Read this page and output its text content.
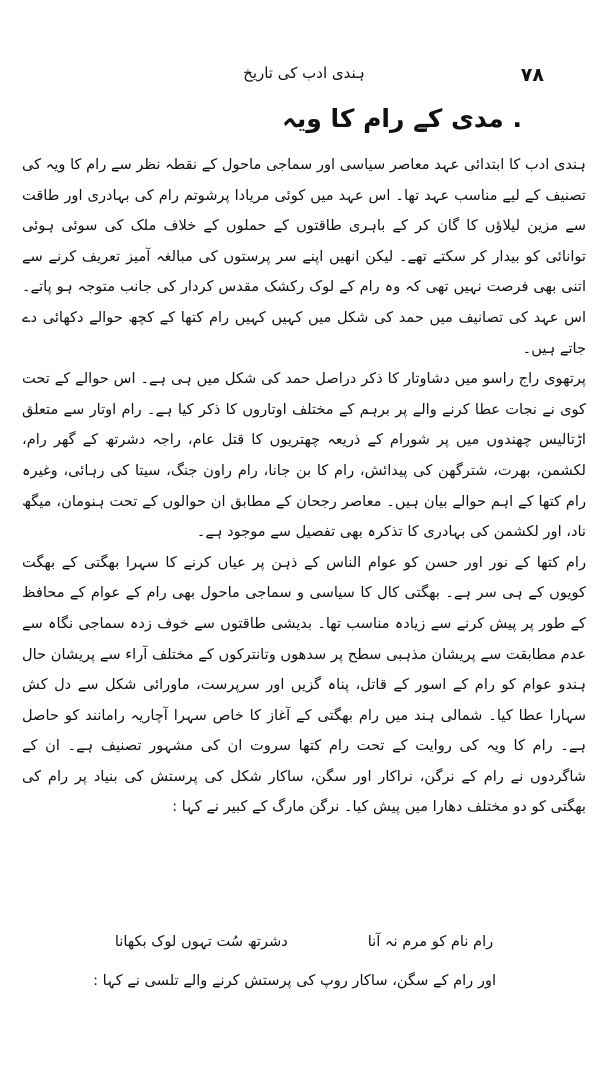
۷۸
ہندی ادب کی تاریخ
. مدی کے رام کا ویہ

ہندی ادب کا ابتدائی عہد معاصر سیاسی اور سماجی ماحول کے نقطہ نظر سے رام کا ویہ کی تصنیف کے لیے مناسب عہد تھا۔ اس عہد میں کوئی مریادا پرشوتم رام کی بہادری اور طاقت سے مزین لیلاؤں کا گان کر کے باہری طاقتوں کے حملوں کے خلاف ملک کی سوئی ہوئی توانائی کو بیدار کر سکتے تھے۔ لیکن انھیں اپنے سر پرستوں کی مبالغہ آمیز تعریف کرنے سے اتنی بھی فرصت نہیں تھی کہ وہ رام کے لوک رکشک مقدس کردار کی جانب متوجہ ہو پاتے۔ اس عہد کی تصانیف میں حمد کی شکل میں کہیں کہیں رام کتھا کے کچھ حوالے دکھائی دے جاتے ہیں۔

پرتھوی راج راسو میں دشاوتار کا ذکر دراصل حمد کی شکل میں ہی ہے۔ اس حوالے کے تحت کوی نے نجات عطا کرنے والے پر برہم کے مختلف اوتاروں کا ذکر کیا ہے۔ رام اوتار سے متعلق اڑتالیس چھندوں میں پر شورام کے ذریعہ چھتریوں کا قتل عام، راجہ دشرتھ کے گھر رام، لکشمن، بھرت، شترگھن کی پیدائش، رام کا بن جانا، رام راون جنگ، سیتا کی رہائی، وغیرہ رام کتھا کے اہم حوالے بیان ہیں۔ معاصر رجحان کے مطابق ان حوالوں کے تحت ہنومان، میگھ ناد، اور لکشمن کی بہادری کا تذکرہ بھی تفصیل سے موجود ہے۔

رام کتھا کے نور اور حسن کو عوام الناس کے ذہن پر عیاں کرنے کا سہرا بھگتی کے بھگت کویوں کے ہی سر ہے۔ بھگتی کال کا سیاسی و سماجی ماحول بھی رام کے عوام کے محافظ کے طور پر پیش کرنے سے زیادہ مناسب تھا۔ بدیشی طاقتوں سے خوف زدہ سماجی نگاہ سے عدم مطابقت سے پریشان مذہبی سطح پر سدھوں وتانترکوں کے مختلف آراء سے پریشان حال ہندو عوام کو رام کے اسور کے قاتل، پناہ گزیں اور سرپرست، ماورائی شکل سے دل کش سہارا عطا کیا۔ شمالی ہند میں رام بھگتی کے آغاز کا خاص سہرا آچاریہ رامانند کو حاصل ہے۔ رام کا ویہ کی روایت کے تحت رام کتھا سروت ان کی مشہور تصنیف ہے۔ ان کے شاگردوں نے رام کے نرگن، نراکار اور سگن، ساکار شکل کی پرستش کی بنیاد پر رام کی بھگتی کو دو مختلف دھارا میں پیش کیا۔ نرگن مارگ کے کبیر نے کہا :

رام نام کو مرم نہ آنا
دشرتھ سُت تہوں لوک بکھانا
اور رام کے سگن، ساکار روپ کی پرستش کرنے والے تلسی نے کہا :
